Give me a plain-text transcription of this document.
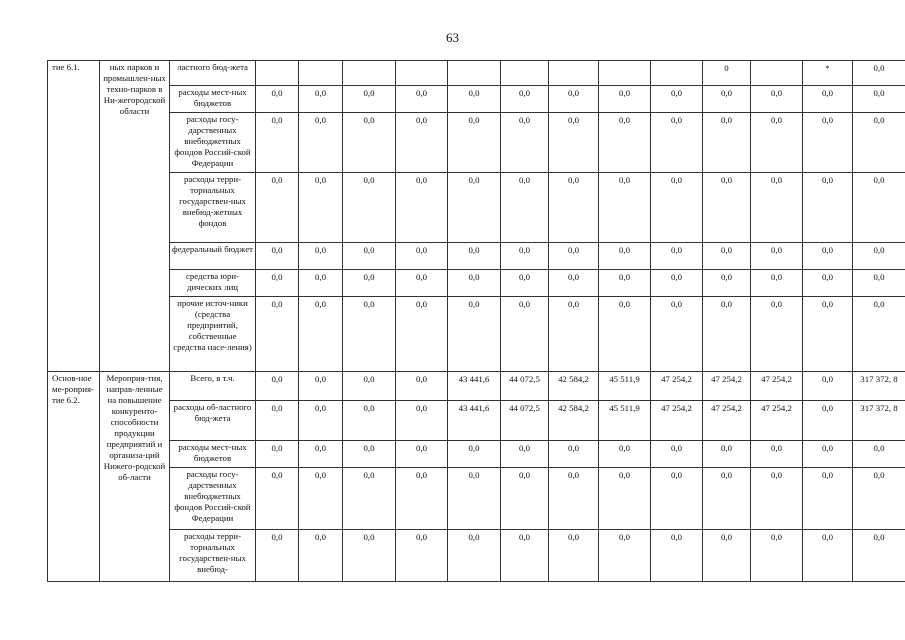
63
тие 6.1.	ных парков и промышлен-ных техно-парков в Ни-жегородской области	ластного бюд-жета										0		*	0,0
		расходы мест-ных бюджетов	0,0	0,0	0,0	0,0	0,0	0,0	0,0	0,0	0,0	0,0	0,0	0,0	0,0
		расходы госу-дарственных внебюджетных фондов Россий-ской Федерации	0,0	0,0	0,0	0,0	0,0	0,0	0,0	0,0	0,0	0,0	0,0	0,0	0,0
		расходы терри-ториальных государствен-ных внебюд-жетных фондов	0,0	0,0	0,0	0,0	0,0	0,0	0,0	0,0	0,0	0,0	0,0	0,0	0,0
		федеральный бюджет	0,0	0,0	0,0	0,0	0,0	0,0	0,0	0,0	0,0	0,0	0,0	0,0	0,0
		средства юри-дических лиц	0,0	0,0	0,0	0,0	0,0	0,0	0,0	0,0	0,0	0,0	0,0	0,0	0,0
		прочие источ-ники (средства предприятий, собственные средства насе-ления)	0,0	0,0	0,0	0,0	0,0	0,0	0,0	0,0	0,0	0,0	0,0	0,0	0,0
Основ-ное ме-роприя-тие 6.2.	Мероприя-тия, направ-ленные на повышение конкуренто-способности продукции предприятий и организа-ций Нижего-родской об-ласти	Всего, в т.ч.	0,0	0,0	0,0	0,0	43 441,6	44 072,5	42 584,2	45 511,9	47 254,2	47 254,2	47 254,2	0,0	317 372, 8
		расходы об-ластного бюд-жета	0,0	0,0	0,0	0,0	43 441,6	44 072,5	42 584,2	45 511,9	47 254,2	47 254,2	47 254,2	0,0	317 372, 8
		расходы мест-ных бюджетов	0,0	0,0	0,0	0,0	0,0	0,0	0,0	0,0	0,0	0,0	0,0	0,0	0,0
		расходы госу-дарственных внебюджетных фондов Россий-ской Федерации	0,0	0,0	0,0	0,0	0,0	0,0	0,0	0,0	0,0	0,0	0,0	0,0	0,0
		расходы терри-ториальных государствен-ных внебюд-	0,0	0,0	0,0	0,0	0,0	0,0	0,0	0,0	0,0	0,0	0,0	0,0	0,0
